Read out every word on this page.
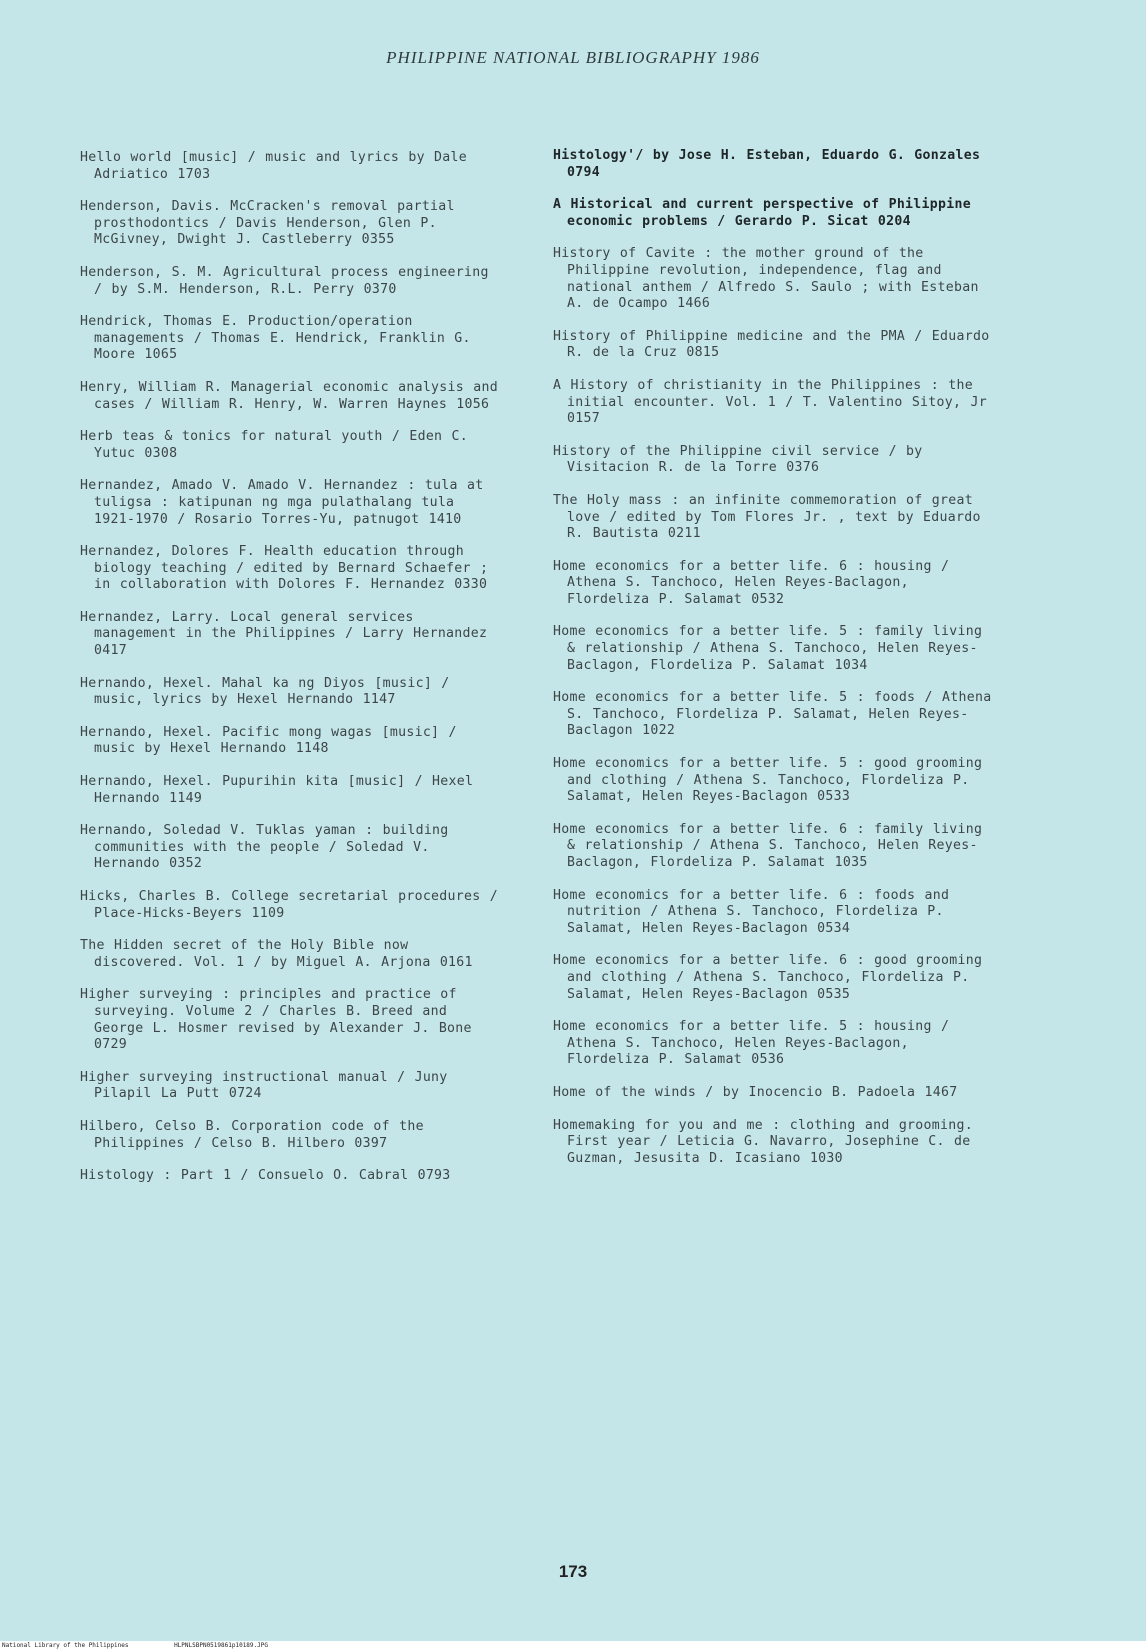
PHILIPPINE NATIONAL BIBLIOGRAPHY 1986
Hello world [music] / music and lyrics by Dale Adriatico 1703
Henderson, Davis. McCracken's removal partial prosthodontics / Davis Henderson, Glen P. McGivney, Dwight J. Castleberry 0355
Henderson, S. M. Agricultural process engineering / by S.M. Henderson, R.L. Perry 0370
Hendrick, Thomas E. Production/operation managements / Thomas E. Hendrick, Franklin G. Moore 1065
Henry, William R. Managerial economic analysis and cases / William R. Henry, W. Warren Haynes 1056
Herb teas & tonics for natural youth / Eden C. Yutuc 0308
Hernandez, Amado V. Amado V. Hernandez : tula at tuligsa : katipunan ng mga pulathalang tula 1921-1970 / Rosario Torres-Yu, patnugot 1410
Hernandez, Dolores F. Health education through biology teaching / edited by Bernard Schaefer ; in collaboration with Dolores F. Hernandez 0330
Hernandez, Larry. Local general services management in the Philippines / Larry Hernandez 0417
Hernando, Hexel. Mahal ka ng Diyos [music] / music, lyrics by Hexel Hernando 1147
Hernando, Hexel. Pacific mong wagas [music] / music by Hexel Hernando 1148
Hernando, Hexel. Pupurihin kita [music] / Hexel Hernando 1149
Hernando, Soledad V. Tuklas yaman : building communities with the people / Soledad V. Hernando 0352
Hicks, Charles B. College secretarial procedures / Place-Hicks-Beyers 1109
The Hidden secret of the Holy Bible now discovered. Vol. 1 / by Miguel A. Arjona 0161
Higher surveying : principles and practice of surveying. Volume 2 / Charles B. Breed and George L. Hosmer revised by Alexander J. Bone 0729
Higher surveying instructional manual / Juny Pilapil La Putt 0724
Hilbero, Celso B. Corporation code of the Philippines / Celso B. Hilbero 0397
Histology : Part 1 / Consuelo O. Cabral 0793
Histology'/ by Jose H. Esteban, Eduardo G. Gonzales 0794
A Historical and current perspective of Philippine economic problems / Gerardo P. Sicat 0204
History of Cavite : the mother ground of the Philippine revolution, independence, flag and national anthem / Alfredo S. Saulo ; with Esteban A. de Ocampo 1466
History of Philippine medicine and the PMA / Eduardo R. de la Cruz 0815
A History of christianity in the Philippines : the initial encounter. Vol. 1 / T. Valentino Sitoy, Jr 0157
History of the Philippine civil service / by Visitacion R. de la Torre 0376
The Holy mass : an infinite commemoration of great love / edited by Tom Flores Jr. , text by Eduardo R. Bautista 0211
Home economics for a better life. 6 : housing / Athena S. Tanchoco, Helen Reyes-Baclagon, Flordeliza P. Salamat 0532
Home economics for a better life. 5 : family living & relationship / Athena S. Tanchoco, Helen Reyes-Baclagon, Flordeliza P. Salamat 1034
Home economics for a better life. 5 : foods / Athena S. Tanchoco, Flordeliza P. Salamat, Helen Reyes-Baclagon 1022
Home economics for a better life. 5 : good grooming and clothing / Athena S. Tanchoco, Flordeliza P. Salamat, Helen Reyes-Baclagon 0533
Home economics for a better life. 6 : family living & relationship / Athena S. Tanchoco, Helen Reyes-Baclagon, Flordeliza P. Salamat 1035
Home economics for a better life. 6 : foods and nutrition / Athena S. Tanchoco, Flordeliza P. Salamat, Helen Reyes-Baclagon 0534
Home economics for a better life. 6 : good grooming and clothing / Athena S. Tanchoco, Flordeliza P. Salamat, Helen Reyes-Baclagon 0535
Home economics for a better life. 5 : housing / Athena S. Tanchoco, Helen Reyes-Baclagon, Flordeliza P. Salamat 0536
Home of the winds / by Inocencio B. Padoela 1467
Homemaking for you and me : clothing and grooming. First year / Leticia G. Navarro, Josephine C. de Guzman, Jesusita D. Icasiano 1030
173
National Library of the Philippines	HLPNLSBPN0519861p10189.JPG
